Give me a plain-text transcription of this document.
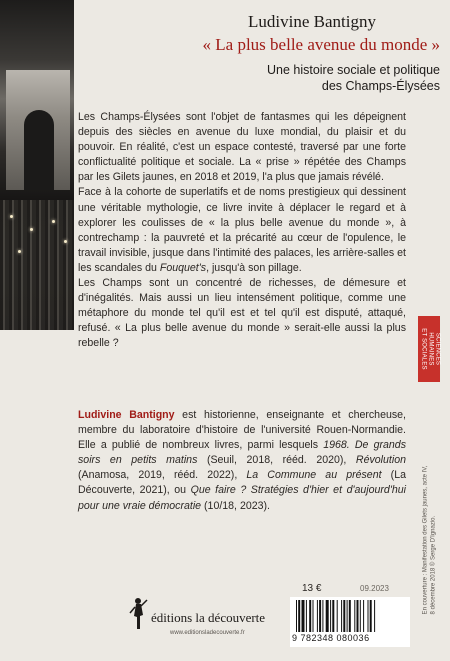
Ludivine Bantigny
« La plus belle avenue du monde »
Une histoire sociale et politique
des Champs-Élysées

Les Champs-Élysées sont l'objet de fantasmes qui les dépeignent depuis des siècles en avenue du luxe mondial, du plaisir et du pouvoir. En réalité, c'est un espace contesté, traversé par une forte conflictualité politique et sociale. La « prise » répétée des Champs par les Gilets jaunes, en 2018 et 2019, l'a plus que jamais révélé.

Face à la cohorte de superlatifs et de noms prestigieux qui dessinent une véritable mythologie, ce livre invite à déplacer le regard et à explorer les coulisses de « la plus belle avenue du monde », à contrechamp : la pauvreté et la précarité au cœur de l'opulence, le travail invisible, jusque dans l'intimité des palaces, les arrière-salles et les scandales du Fouquet's, jusqu'à son pillage.

Les Champs sont un concentré de richesses, de démesure et d'inégalités. Mais aussi un lieu intensément politique, comme une métaphore du monde tel qu'il est et tel qu'il est disputé, attaqué, refusé. « La plus belle avenue du monde » serait-elle aussi la plus rebelle ?

Ludivine Bantigny est historienne, enseignante et chercheuse, membre du laboratoire d'histoire de l'université Rouen-Normandie. Elle a publié de nombreux livres, parmi lesquels 1968. De grands soirs en petits matins (Seuil, 2018, rééd. 2020), Révolution (Anamosa, 2019, rééd. 2022), La Commune au présent (La Découverte, 2021), ou Que faire ? Stratégies d'hier et d'aujourd'hui pour une vraie démocratie (10/18, 2023).
SCIENCES
HUMAINES
ET SOCIALES
En couverture : Manifestation des Gilets jaunes, acte IV, 8 décembre 2018 © Serge D'Ignazio.
éditions la découverte
www.editionsladecouverte.fr
13 €	09.2023
9 782348 080036
